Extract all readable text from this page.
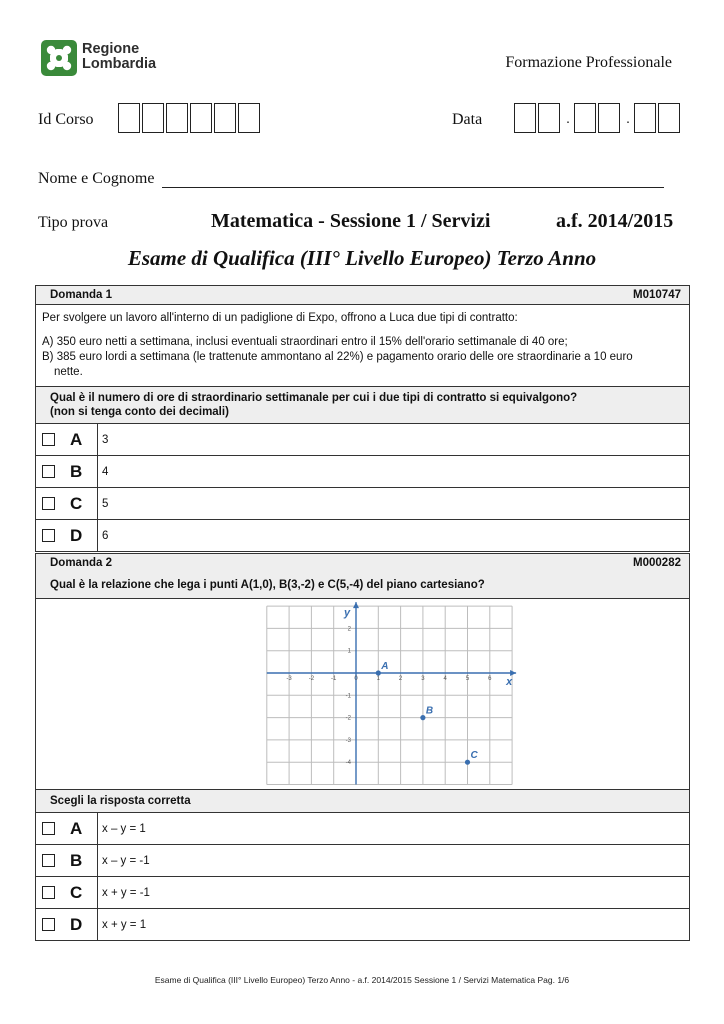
Regione
Lombardia	Formazione Professionale
Id Corso	Data	.	.
Nome e Cognome
Tipo prova	Matematica - Sessione 1 / Servizi	a.f. 2014/2015
Esame di Qualifica (III° Livello Europeo) Terzo Anno
Domanda 1	M010747
Per svolgere un lavoro all'interno di un padiglione di Expo, offrono a Luca due tipi di contratto:
A) 350 euro netti a settimana, inclusi eventuali straordinari entro il 15% dell'orario settimanale di 40 ore;
B) 385 euro lordi a settimana (le trattenute ammontano al 22%) e pagamento orario delle ore straordinarie a 10 euro
nette.
Qual è il numero di ore di straordinario settimanale per cui i due tipi di contratto si equivalgono?
(non si tenga conto dei decimali)
A	3
B	4
C	5
D	6
Domanda 2	M000282
Qual è la relazione che lega i punti A(1,0), B(3,-2) e C(5,-4) del piano cartesiano?
x
y
-3	-2	-1	0	1	2	3	4	5	6
2
1
-1
-2
-3
-4
A
B
C
Scegli la risposta corretta
A	x – y = 1
B	x – y = -1
C	x + y = -1
D	x + y = 1
Esame di Qualifica (III° Livello Europeo) Terzo Anno - a.f. 2014/2015 Sessione 1 / Servizi Matematica Pag. 1/6
